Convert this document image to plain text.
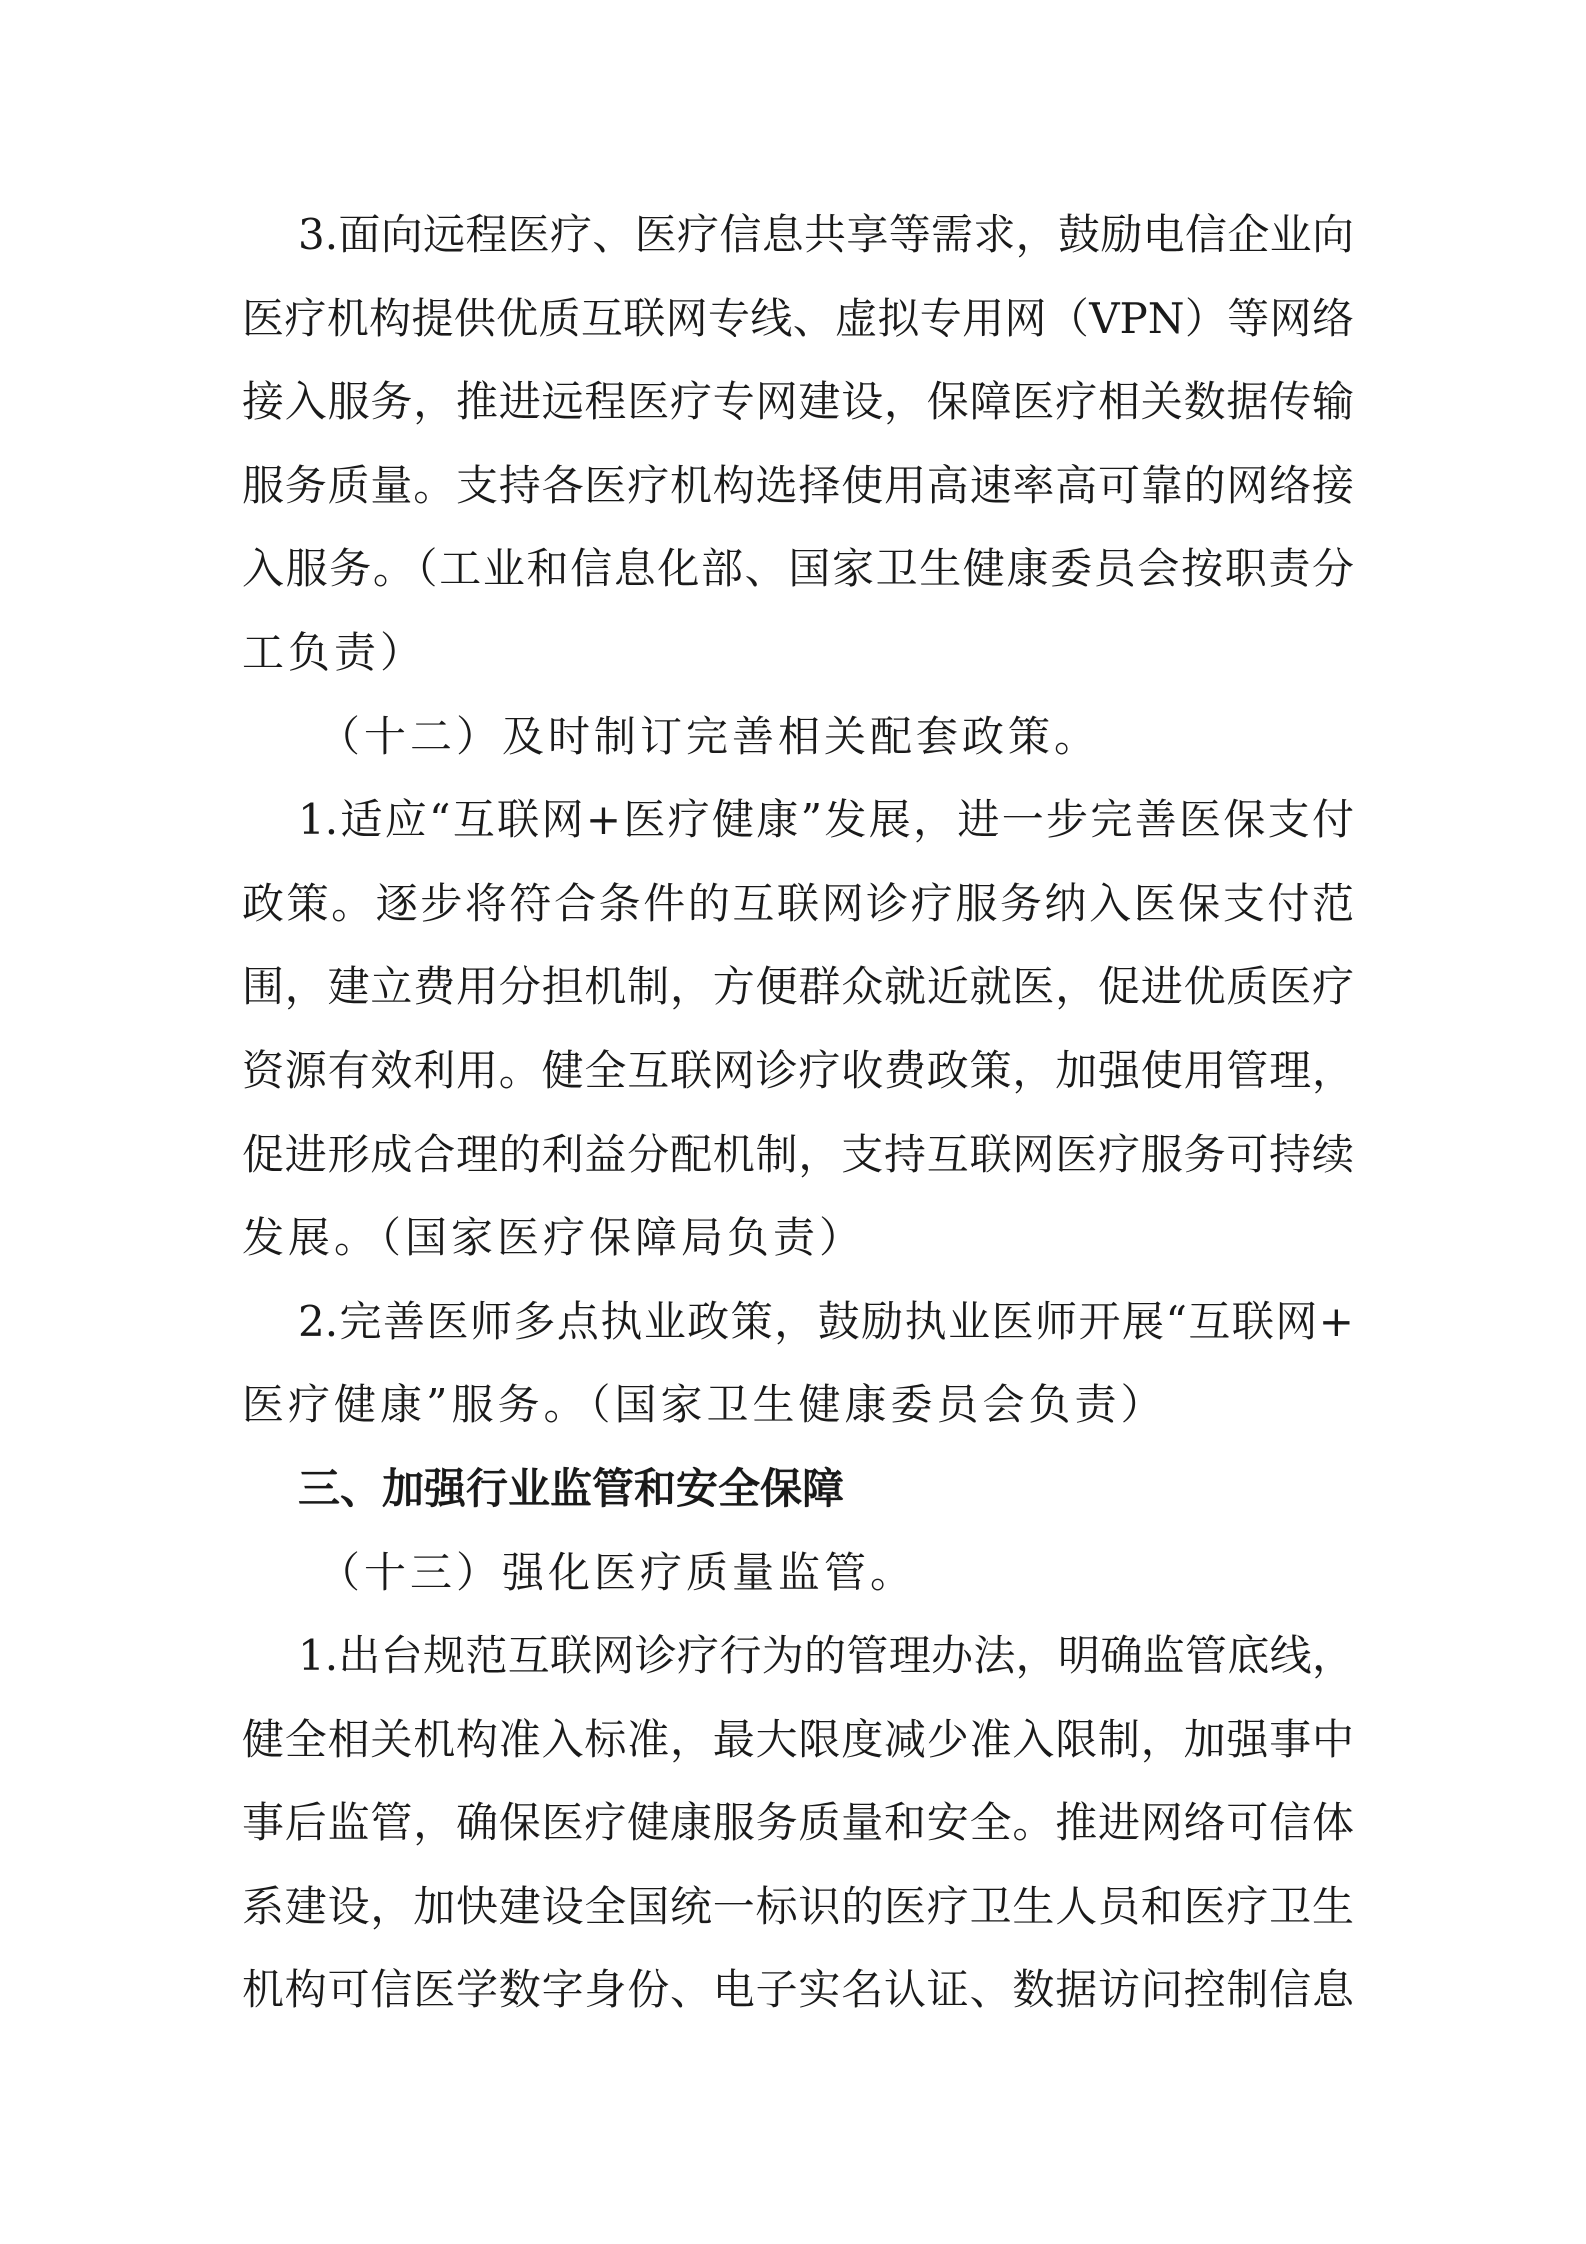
3.面向远程医疗、医疗信息共享等需求，鼓励电信企业向
医疗机构提供优质互联网专线、虚拟专用网（VPN）等网络
接入服务，推进远程医疗专网建设，保障医疗相关数据传输
服务质量。支持各医疗机构选择使用高速率高可靠的网络接
入服务。（工业和信息化部、国家卫生健康委员会按职责分
工负责）
（十二）及时制订完善相关配套政策。
1.适应“互联网+医疗健康”发展，进一步完善医保支付
政策。逐步将符合条件的互联网诊疗服务纳入医保支付范
围，建立费用分担机制，方便群众就近就医，促进优质医疗
资源有效利用。健全互联网诊疗收费政策，加强使用管理，
促进形成合理的利益分配机制，支持互联网医疗服务可持续
发展。（国家医疗保障局负责）
2.完善医师多点执业政策，鼓励执业医师开展“互联网+
医疗健康”服务。（国家卫生健康委员会负责）
三、加强行业监管和安全保障
（十三）强化医疗质量监管。
1.出台规范互联网诊疗行为的管理办法，明确监管底线，
健全相关机构准入标准，最大限度减少准入限制，加强事中
事后监管，确保医疗健康服务质量和安全。推进网络可信体
系建设，加快建设全国统一标识的医疗卫生人员和医疗卫生
机构可信医学数字身份、电子实名认证、数据访问控制信息
